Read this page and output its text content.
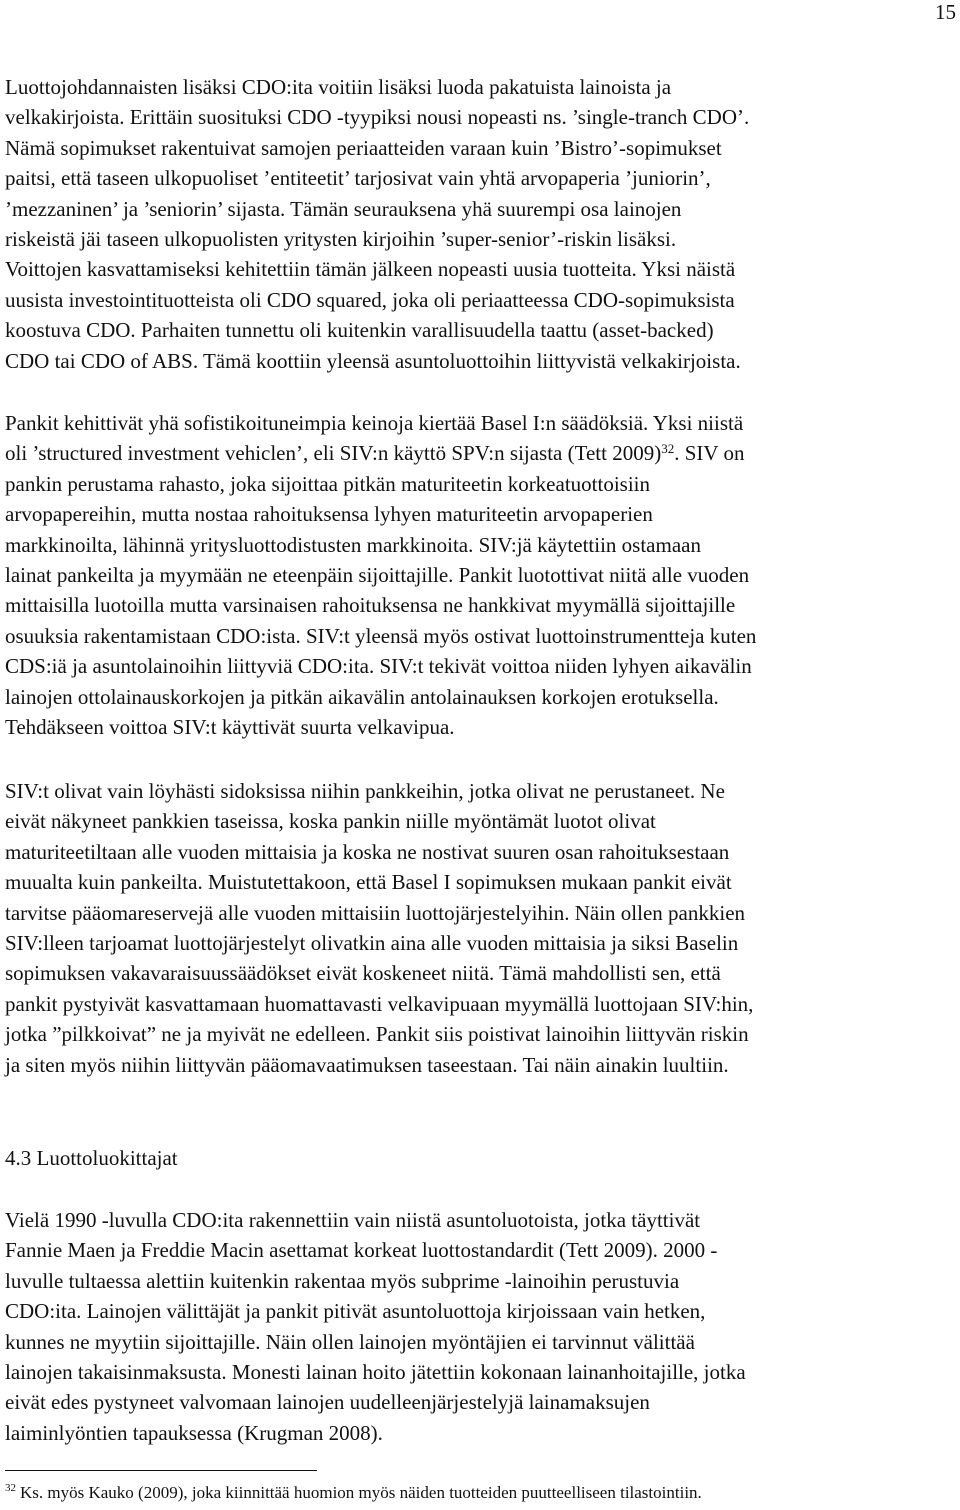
15
Luottojohdannaisten lisäksi CDO:ita voitiin lisäksi luoda pakatuista lainoista ja
velkakirjoista. Erittäin suosituksi CDO -tyypiksi nousi nopeasti ns. ’single-tranch CDO’.
Nämä sopimukset rakentuivat samojen periaatteiden varaan kuin ’Bistro’-sopimukset
paitsi, että taseen ulkopuoliset ’entiteetit’ tarjosivat vain yhtä arvopaperia ’juniorin’,
’mezzaninen’ ja ’seniorin’ sijasta. Tämän seurauksena yhä suurempi osa lainojen
riskeistä jäi taseen ulkopuolisten yritysten kirjoihin ’super-senior’-riskin lisäksi.
Voittojen kasvattamiseksi kehitettiin tämän jälkeen nopeasti uusia tuotteita. Yksi näistä
uusista investointituotteista oli CDO squared, joka oli periaatteessa CDO-sopimuksista
koostuva CDO. Parhaiten tunnettu oli kuitenkin varallisuudella taattu (asset-backed)
CDO tai CDO of ABS. Tämä koottiin yleensä asuntoluottoihin liittyvistä velkakirjoista.
Pankit kehittivät yhä sofistikoituneimpia keinoja kiertää Basel I:n säädöksiä. Yksi niistä
oli ’structured investment vehiclen’, eli SIV:n käyttö SPV:n sijasta (Tett 2009)$^{32}$. SIV on
pankin perustama rahasto, joka sijoittaa pitkän maturiteetin korkeatuottoisiin
arvopapereihin, mutta nostaa rahoituksensa lyhyen maturiteetin arvopaperien
markkinoilta, lähinnä yritysluottodistusten markkinoita. SIV:jä käytettiin ostamaan
lainat pankeilta ja myymään ne eteenpäin sijoittajille. Pankit luotottivat niitä alle vuoden
mittaisilla luotoilla mutta varsinaisen rahoituksensa ne hankkivat myymällä sijoittajille
osuuksia rakentamistaan CDO:ista. SIV:t yleensä myös ostivat luottoinstrumentteja kuten
CDS:iä ja asuntolainoihin liittyviä CDO:ita. SIV:t tekivät voittoa niiden lyhyen aikavälin
lainojen ottolainauskorkojen ja pitkän aikavälin antolainauksen korkojen erotuksella.
Tehdäkseen voittoa SIV:t käyttivät suurta velkavipua.
SIV:t olivat vain löyhästi sidoksissa niihin pankkeihin, jotka olivat ne perustaneet. Ne
eivät näkyneet pankkien taseissa, koska pankin niille myöntämät luotot olivat
maturiteetiltaan alle vuoden mittaisia ja koska ne nostivat suuren osan rahoituksestaan
muualta kuin pankeilta. Muistutettakoon, että Basel I sopimuksen mukaan pankit eivät
tarvitse pääomareservejä alle vuoden mittaisiin luottojärjestelyihin. Näin ollen pankkien
SIV:lleen tarjoamat luottojärjestelyt olivatkin aina alle vuoden mittaisia ja siksi Baselin
sopimuksen vakavaraisuussäädökset eivät koskeneet niitä. Tämä mahdollisti sen, että
pankit pystyivät kasvattamaan huomattavasti velkavipuaan myymällä luottojaan SIV:hin,
jotka ”pilkkoivat” ne ja myivät ne edelleen. Pankit siis poistivat lainoihin liittyvän riskin
ja siten myös niihin liittyvän pääomavaatimuksen taseestaan. Tai näin ainakin luultiin.
4.3 Luottoluokittajat
Vielä 1990 -luvulla CDO:ita rakennettiin vain niistä asuntoluotoista, jotka täyttivät
Fannie Maen ja Freddie Macin asettamat korkeat luottostandardit (Tett 2009). 2000 -
luvulle tultaessa alettiin kuitenkin rakentaa myös subprime -lainoihin perustuvia
CDO:ita. Lainojen välittäjät ja pankit pitivät asuntoluottoja kirjoissaan vain hetken,
kunnes ne myytiin sijoittajille. Näin ollen lainojen myöntäjien ei tarvinnut välittää
lainojen takaisinmaksusta. Monesti lainan hoito jätettiin kokonaan lainanhoitajille, jotka
eivät edes pystyneet valvomaan lainojen uudelleenjärjestelyjä lainamaksujen
laiminlyöntien tapauksessa (Krugman 2008).
$^{32}$ Ks. myös Kauko (2009), joka kiinnittää huomion myös näiden tuotteiden puutteelliseen tilastointiin.
